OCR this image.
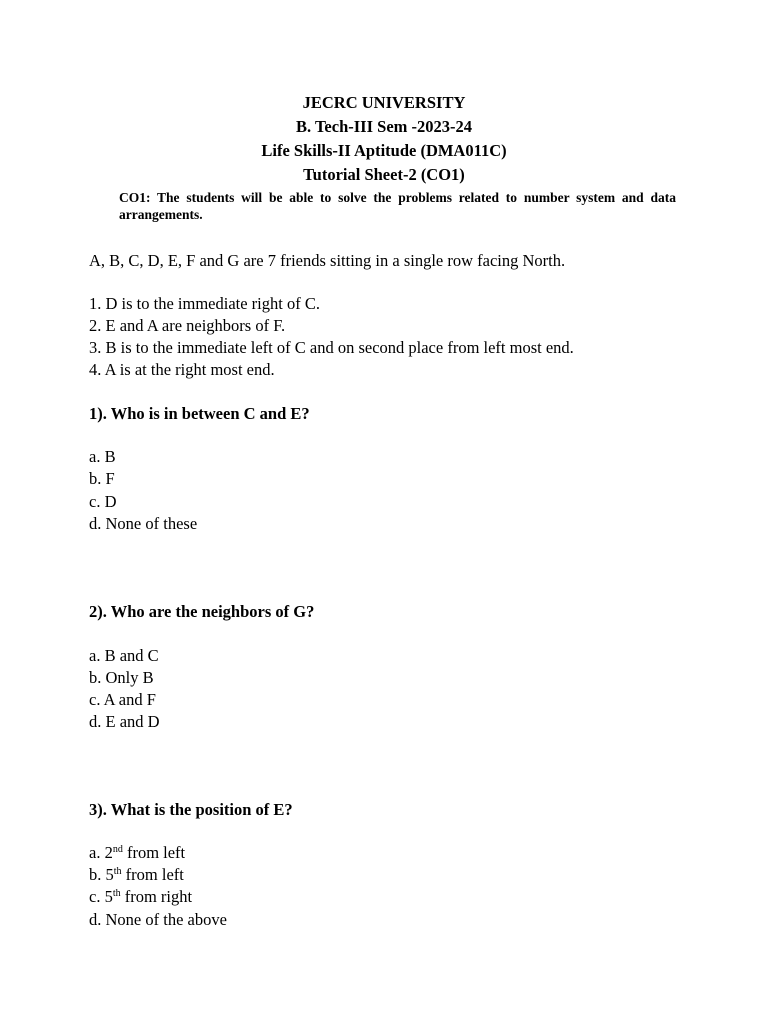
JECRC UNIVERSITY
B. Tech-III Sem -2023-24
Life Skills-II Aptitude (DMA011C)
Tutorial Sheet-2 (CO1)
CO1: The students will be able to solve the problems related to number system and data arrangements.
A, B, C, D, E, F and G are 7 friends sitting in a single row facing North.
1. D is to the immediate right of C.
2. E and A are neighbors of F.
3. B is to the immediate left of C and on second place from left most end.
4. A is at the right most end.
1). Who is in between C and E?
a. B
b. F
c. D
d. None of these
2). Who are the neighbors of G?
a. B and C
b. Only B
c. A and F
d. E and D
3). What is the position of E?
a. 2nd from left
b. 5th from left
c. 5th from right
d. None of the above
